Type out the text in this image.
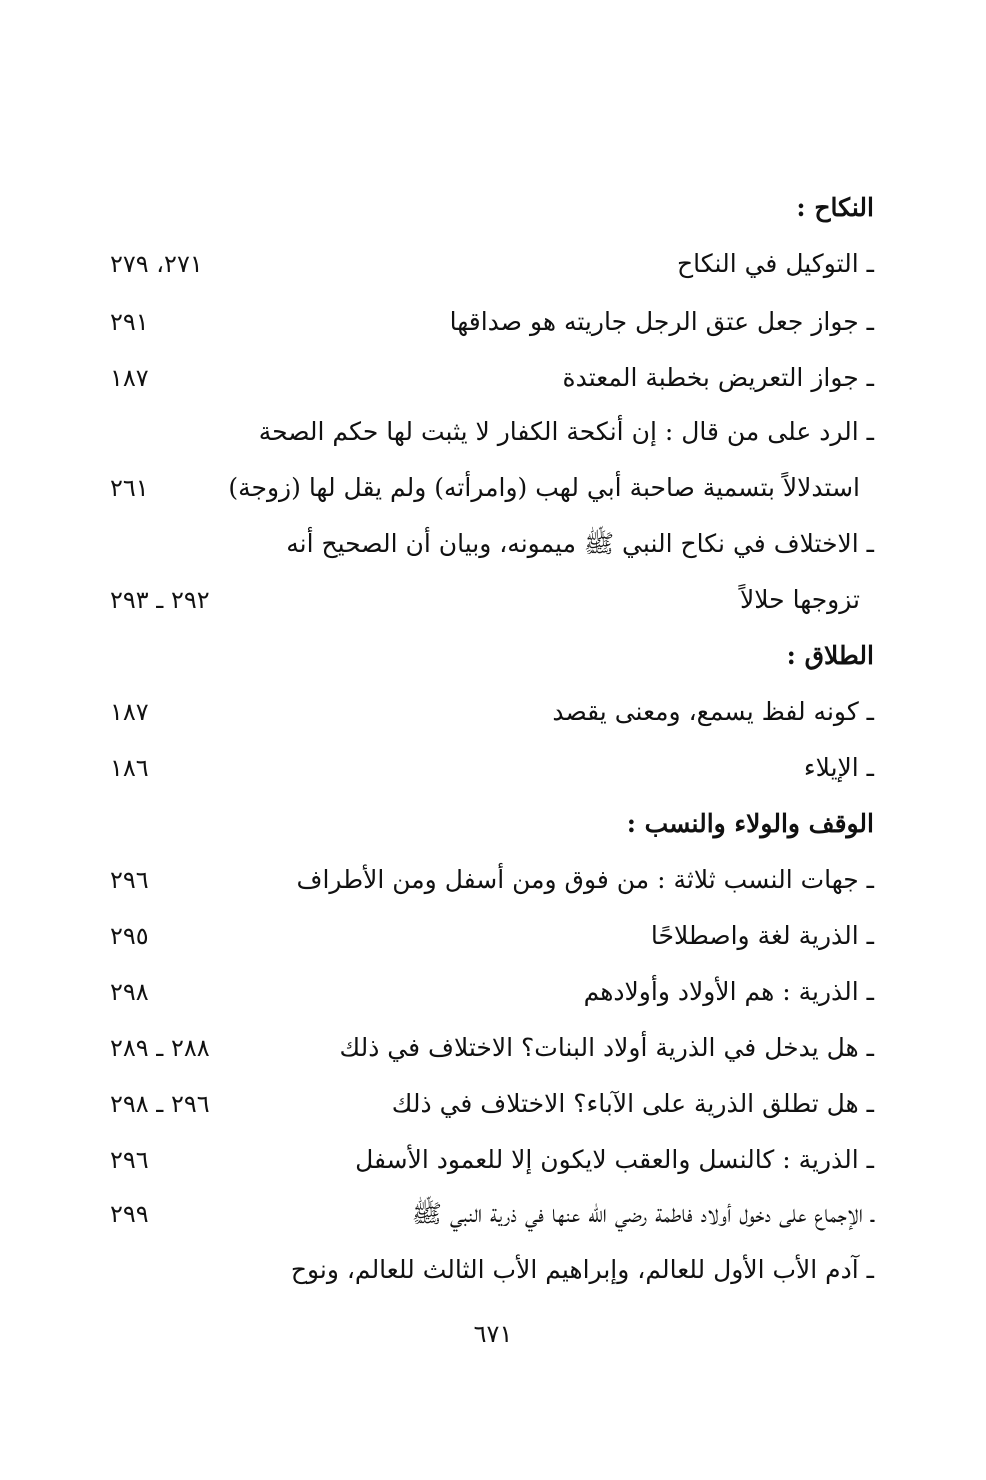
النكاح :
ـ التوكيل في النكاح
٢٧١، ٢٧٩
ـ جواز جعل عتق الرجل جاريته هو صداقها
٢٩١
ـ جواز التعريض بخطبة المعتدة
١٨٧
ـ الرد على من قال : إن أنكحة الكفار لا يثبت لها حكم الصحة
استدلالاً بتسمية صاحبة أبي لهب (وامرأته) ولم يقل لها (زوجة)
٢٦١
ـ الاختلاف في نكاح النبي ﷺ ميمونه، وبيان أن الصحيح أنه
تزوجها حلالاً
٢٩٢ ـ ٢٩٣
الطلاق :
ـ كونه لفظ يسمع، ومعنى يقصد
١٨٧
ـ الإيلاء
١٨٦
الوقف والولاء والنسب :
ـ جهات النسب ثلاثة : من فوق ومن أسفل ومن الأطراف
٢٩٦
ـ الذرية لغة واصطلاحًا
٢٩٥
ـ الذرية : هم الأولاد وأولادهم
٢٩٨
ـ هل يدخل في الذرية أولاد البنات؟ الاختلاف في ذلك
٢٨٨ ـ ٢٨٩
ـ هل تطلق الذرية على الآباء؟ الاختلاف في ذلك
٢٩٦ ـ ٢٩٨
ـ الذرية : كالنسل والعقب لايكون إلا للعمود الأسفل
٢٩٦
ـ الإجماع على دخول أولاد فاطمة رضي الله عنها في ذرية النبي ﷺ
٢٩٩
ـ آدم الأب الأول للعالم، وإبراهيم الأب الثالث للعالم، ونوح
٦٧١
